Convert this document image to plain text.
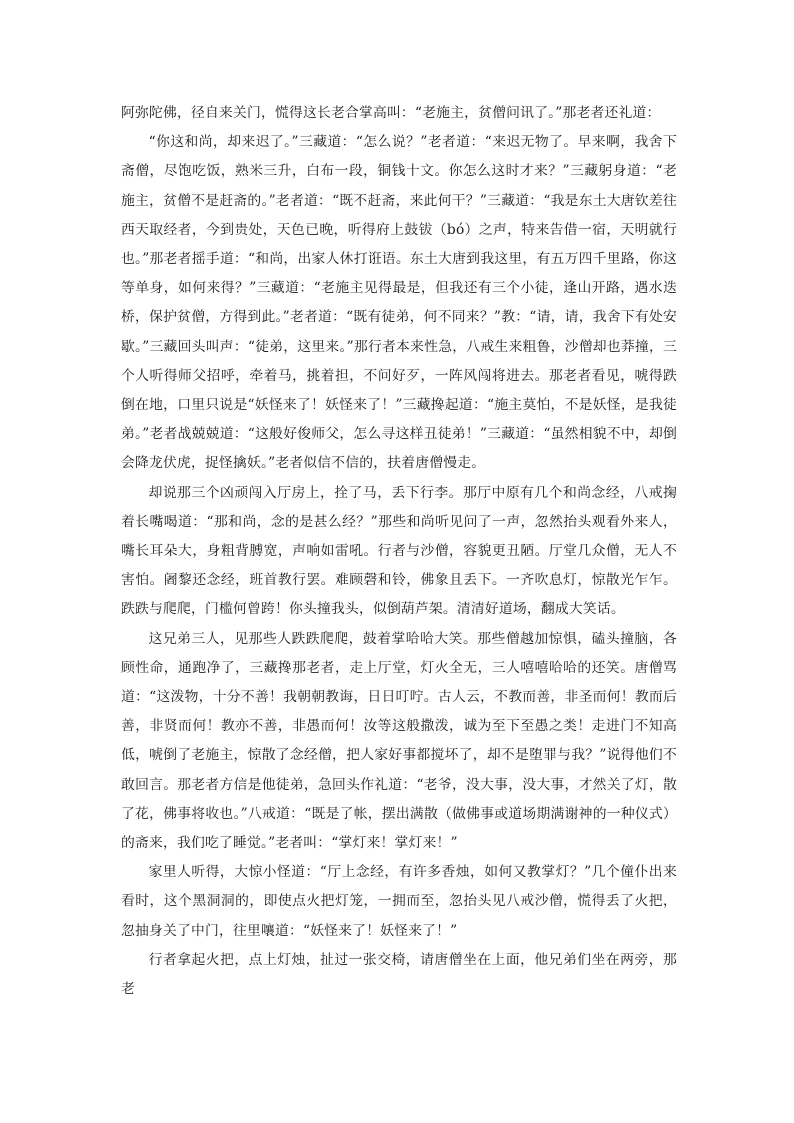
阿弥陀佛，径自来关门，慌得这长老合掌高叫：“老施主，贫僧问讯了。”那老者还礼道：

“你这和尚，却来迟了。”三藏道：“怎么说？”老者道：“来迟无物了。早来啊，我舍下斋僧，尽饱吃饭，熟米三升，白布一段，铜钱十文。你怎么这时才来？”三藏躬身道：“老施主，贫僧不是赶斋的。”老者道：“既不赶斋，来此何干？”三藏道：“我是东土大唐钦差往西天取经者，今到贵处，天色已晚，听得府上鼓钹（bó）之声，特来告借一宿，天明就行也。”那老者摇手道：“和尚，出家人休打诳语。东土大唐到我这里，有五万四千里路，你这等单身，如何来得？”三藏道：“老施主见得最是，但我还有三个小徒，逢山开路，遇水迭桥，保护贫僧，方得到此。”老者道：“既有徒弟，何不同来？”教：“请，请，我舍下有处安歇。”三藏回头叫声：“徒弟，这里来。”那行者本来性急，八戒生来粗鲁，沙僧却也莽撞，三个人听得师父招呼，牵着马，挑着担，不问好歹，一阵风闯将进去。那老者看见，唬得跌倒在地，口里只说是“妖怪来了！妖怪来了！”三藏搀起道：“施主莫怕，不是妖怪，是我徒弟。”老者战兢兢道：“这般好俊师父，怎么寻这样丑徒弟！”三藏道：“虽然相貌不中，却倒会降龙伏虎，捉怪擒妖。”老者似信不信的，扶着唐僧慢走。

却说那三个凶顽闯入厅房上，拴了马，丢下行李。那厅中原有几个和尚念经，八戒掬着长嘴喝道：“那和尚，念的是甚么经？”那些和尚听见问了一声，忽然抬头观看外来人，嘴长耳朵大，身粗背膊宽，声响如雷吼。行者与沙僧，容貌更丑陋。厅堂几众僧，无人不害怕。阇黎还念经，班首教行罢。难顾磬和铃，佛象且丢下。一齐吹息灯，惊散光乍乍。跌跌与爬爬，门槛何曾跨！你头撞我头，似倒葫芦架。清清好道场，翻成大笑话。

这兄弟三人，见那些人跌跌爬爬，鼓着掌哈哈大笑。那些僧越加惊惧，磕头撞脑，各顾性命，通跑净了，三藏搀那老者，走上厅堂，灯火全无，三人嘻嘻哈哈的还笑。唐僧骂道：“这泼物，十分不善！我朝朝教诲，日日叮咛。古人云，不教而善，非圣而何！教而后善，非贤而何！教亦不善，非愚而何！汝等这般撒泼，诚为至下至愚之类！走进门不知高低，唬倒了老施主，惊散了念经僧，把人家好事都搅坏了，却不是堕罪与我？”说得他们不敢回言。那老者方信是他徒弟，急回头作礼道：“老爷，没大事，没大事，才然关了灯，散了花，佛事将收也。”八戒道：“既是了帐，摆出满散（做佛事或道场期满谢神的一种仪式）的斋来，我们吃了睡觉。”老者叫：“掌灯来！掌灯来！”

家里人听得，大惊小怪道：“厅上念经，有许多香烛，如何又教掌灯？”几个僮仆出来看时，这个黑洞洞的，即使点火把灯笼，一拥而至，忽抬头见八戒沙僧，慌得丢了火把，忽抽身关了中门，往里嚷道：“妖怪来了！妖怪来了！”

行者拿起火把，点上灯烛，扯过一张交椅，请唐僧坐在上面，他兄弟们坐在两旁，那老
